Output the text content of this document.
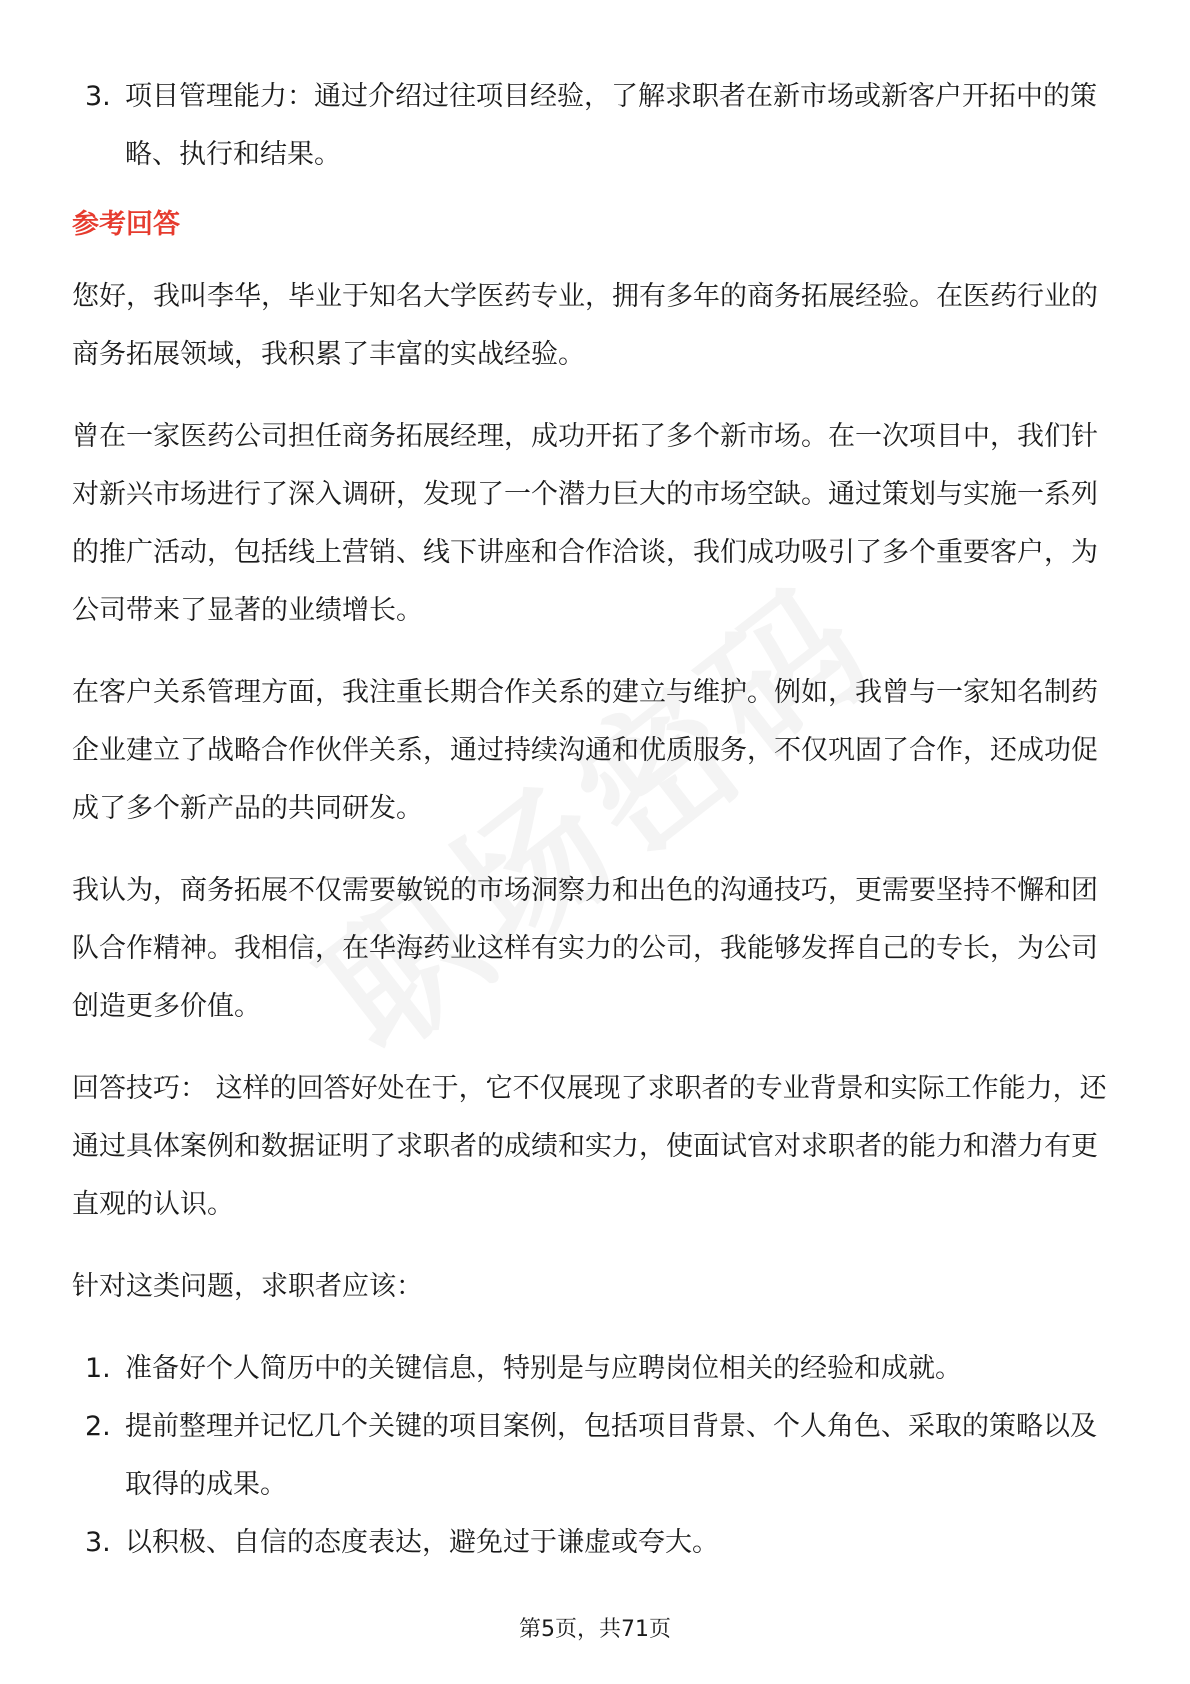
3. 项目管理能力：通过介绍过往项目经验，了解求职者在新市场或新客户开拓中的策略、执行和结果。
参考回答

您好，我叫李华，毕业于知名大学医药专业，拥有多年的商务拓展经验。在医药行业的商务拓展领域，我积累了丰富的实战经验。

曾在一家医药公司担任商务拓展经理，成功开拓了多个新市场。在一次项目中，我们针对新兴市场进行了深入调研，发现了一个潜力巨大的市场空缺。通过策划与实施一系列的推广活动，包括线上营销、线下讲座和合作洽谈，我们成功吸引了多个重要客户，为公司带来了显著的业绩增长。

在客户关系管理方面，我注重长期合作关系的建立与维护。例如，我曾与一家知名制药企业建立了战略合作伙伴关系，通过持续沟通和优质服务，不仅巩固了合作，还成功促成了多个新产品的共同研发。

我认为，商务拓展不仅需要敏锐的市场洞察力和出色的沟通技巧，更需要坚持不懈和团队合作精神。我相信，在华海药业这样有实力的公司，我能够发挥自己的专长，为公司创造更多价值。

回答技巧： 这样的回答好处在于，它不仅展现了求职者的专业背景和实际工作能力，还通过具体案例和数据证明了求职者的成绩和实力，使面试官对求职者的能力和潜力有更直观的认识。

针对这类问题，求职者应该：

1. 准备好个人简历中的关键信息，特别是与应聘岗位相关的经验和成就。
2. 提前整理并记忆几个关键的项目案例，包括项目背景、个人角色、采取的策略以及取得的成果。
3. 以积极、自信的态度表达，避免过于谦虚或夸大。
第5页，共71页
